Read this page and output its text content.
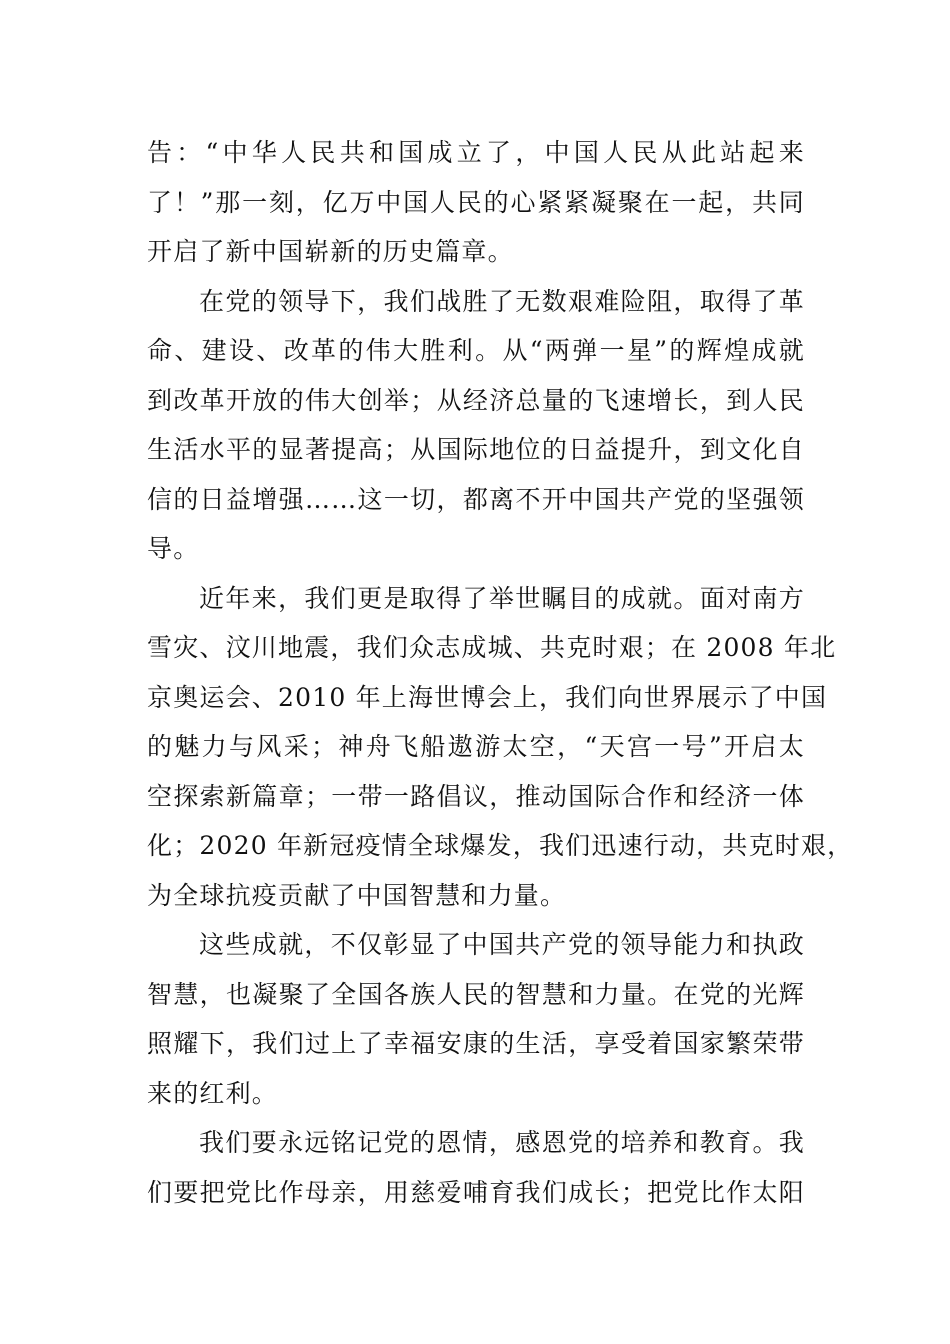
告：“中华人民共和国成立了，中国人民从此站起来
了！”那一刻，亿万中国人民的心紧紧凝聚在一起，共同
开启了新中国崭新的历史篇章。
在党的领导下，我们战胜了无数艰难险阻，取得了革
命、建设、改革的伟大胜利。从“两弹一星”的辉煌成就
到改革开放的伟大创举；从经济总量的飞速增长，到人民
生活水平的显著提高；从国际地位的日益提升，到文化自
信的日益增强……这一切，都离不开中国共产党的坚强领
导。
近年来，我们更是取得了举世瞩目的成就。面对南方
雪灾、汶川地震，我们众志成城、共克时艰；在 2008 年北
京奥运会、2010 年上海世博会上，我们向世界展示了中国
的魅力与风采；神舟飞船遨游太空，“天宫一号”开启太
空探索新篇章；一带一路倡议，推动国际合作和经济一体
化；2020 年新冠疫情全球爆发，我们迅速行动，共克时艰，
为全球抗疫贡献了中国智慧和力量。
这些成就，不仅彰显了中国共产党的领导能力和执政
智慧，也凝聚了全国各族人民的智慧和力量。在党的光辉
照耀下，我们过上了幸福安康的生活，享受着国家繁荣带
来的红利。
我们要永远铭记党的恩情，感恩党的培养和教育。我
们要把党比作母亲，用慈爱哺育我们成长；把党比作太阳
